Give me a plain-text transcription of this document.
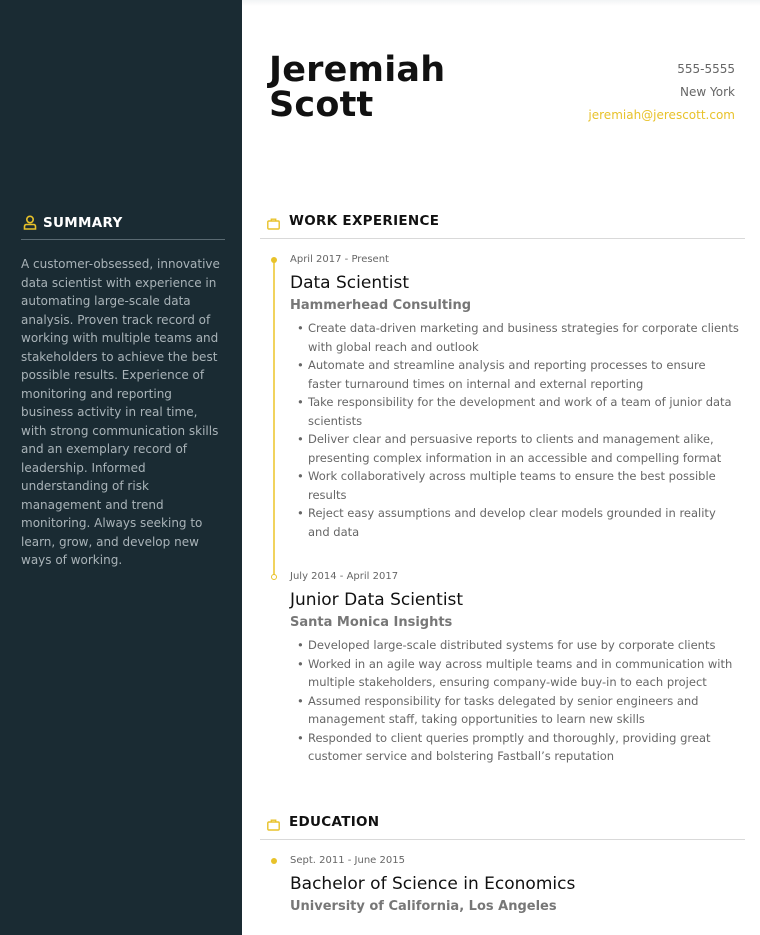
SUMMARY

A customer-obsessed, innovative data scientist with experience in automating large-scale data analysis. Proven track record of working with multiple teams and stakeholders to achieve the best possible results. Experience of monitoring and reporting business activity in real time, with strong communication skills and an exemplary record of leadership. Informed understanding of risk management and trend monitoring. Always seeking to learn, grow, and develop new ways of working.

Jeremiah
Scott
555-5555
New York
jeremiah@jerescott.com
WORK EXPERIENCE
April 2017 - Present
Data Scientist
Hammerhead Consulting
• Create data-driven marketing and business strategies for corporate clients with global reach and outlook
• Automate and streamline analysis and reporting processes to ensure faster turnaround times on internal and external reporting
• Take responsibility for the development and work of a team of junior data scientists
• Deliver clear and persuasive reports to clients and management alike, presenting complex information in an accessible and compelling format
• Work collaboratively across multiple teams to ensure the best possible results
• Reject easy assumptions and develop clear models grounded in reality and data
July 2014 - April 2017
Junior Data Scientist
Santa Monica Insights
• Developed large-scale distributed systems for use by corporate clients
• Worked in an agile way across multiple teams and in communication with multiple stakeholders, ensuring company-wide buy-in to each project
• Assumed responsibility for tasks delegated by senior engineers and management staff, taking opportunities to learn new skills
• Responded to client queries promptly and thoroughly, providing great customer service and bolstering Fastball’s reputation
EDUCATION
Sept. 2011 - June 2015
Bachelor of Science in Economics
University of California, Los Angeles
